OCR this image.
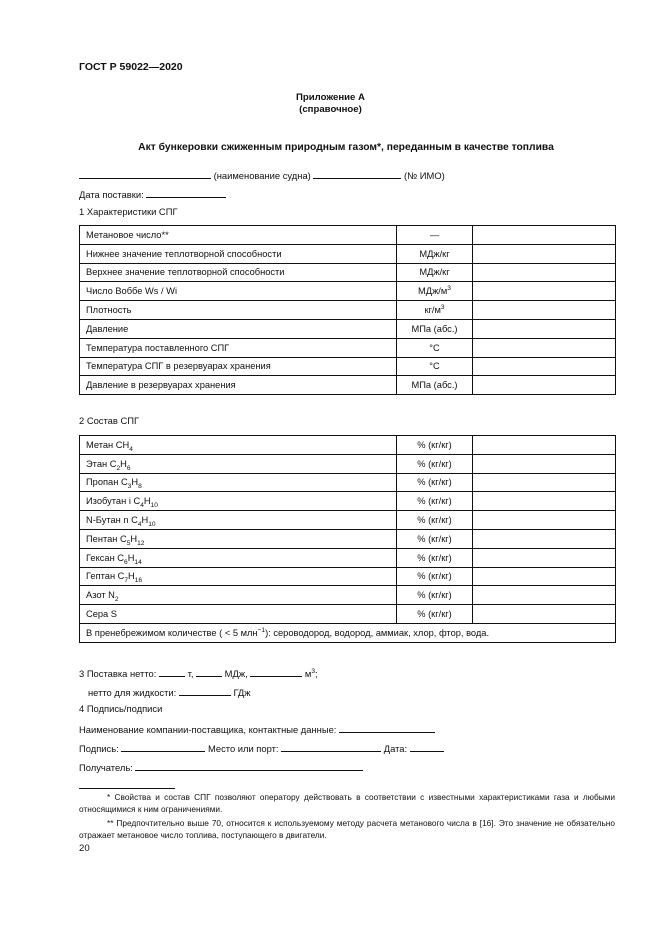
ГОСТ Р 59022—2020
Приложение А
(справочное)
Акт бункеровки сжиженным природным газом*, переданным в качестве топлива
(наименование судна)	(№ ИМО)
Дата поставки:
1 Характеристики СПГ
Метановое число**	—	
Нижнее значение теплотворной способности	МДж/кг	
Верхнее значение теплотворной способности	МДж/кг	
Число Воббе Ws / Wi	МДж/$м^3$	
Плотность	$кг/м^3$	
Давление	МПа (абс.)	
Температура поставленного СПГ	°С	
Температура СПГ в резервуарах хранения	°С	
Давление в резервуарах хранения	МПа (абс.)	
2 Состав СПГ
Метан $CH_4$	% (кг/кг)	
Этан $C_2H_6$	% (кг/кг)	
Пропан $C_3H_8$	% (кг/кг)	
Изобутан i $C_4H_{10}$	% (кг/кг)	
N-Бутан n $C_4H_{10}$	% (кг/кг)	
Пентан $C_5H_{12}$	% (кг/кг)	
Гексан $C_6H_{14}$	% (кг/кг)	
Гептан $C_7H_{16}$	% (кг/кг)	
Азот $N_2$	% (кг/кг)	
Сера S	% (кг/кг)	
В пренебрежимом количестве ( < 5 млн$^{-1}$): сероводород, водород, аммиак, хлор, фтор, вода.		
3 Поставка нетто:	т,	МДж,	$м^3$;
нетто для жидкости:	ГДж
4 Подпись/подписи
Наименование компании-поставщика, контактные данные:
Подпись:	Место или порт:	Дата:
Получатель:
* Свойства и состав СПГ позволяют оператору действовать в соответствии с известными характеристиками газа и любыми относящимися к ним ограничениями.
** Предпочтительно выше 70, относится к используемому методу расчета метанового числа в [16]. Это значение не обязательно отражает метановое число топлива, поступающего в двигатели.
20
